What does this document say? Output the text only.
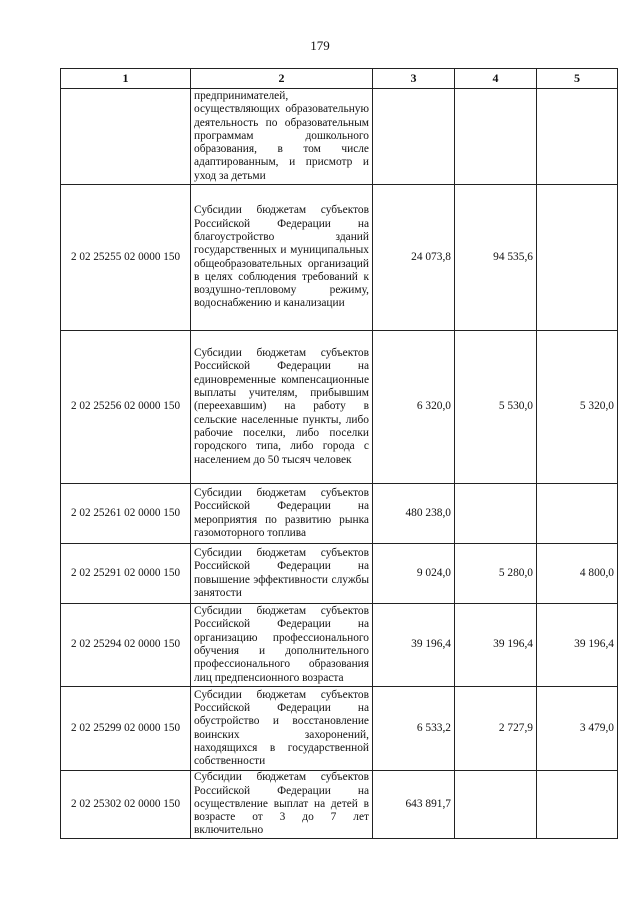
179
1	2	3	4	5
	предпринимателей, осуществляющих образовательную деятельность по образовательным программам дошкольного образования, в том числе адаптированным, и присмотр и уход за детьми			
2 02 25255 02 0000 150	Субсидии бюджетам субъектов Российской Федерации на благоустройство зданий государственных и муниципальных общеобразовательных организаций в целях соблюдения требований к воздушно-тепловому режиму, водоснабжению и канализации	24 073,8	94 535,6	
2 02 25256 02 0000 150	Субсидии бюджетам субъектов Российской Федерации на единовременные компенсационные выплаты учителям, прибывшим (переехавшим) на работу в сельские населенные пункты, либо рабочие поселки, либо поселки городского типа, либо города с населением до 50 тысяч человек	6 320,0	5 530,0	5 320,0
2 02 25261 02 0000 150	Субсидии бюджетам субъектов Российской Федерации на мероприятия по развитию рынка газомоторного топлива	480 238,0		
2 02 25291 02 0000 150	Субсидии бюджетам субъектов Российской Федерации на повышение эффективности службы занятости	9 024,0	5 280,0	4 800,0
2 02 25294 02 0000 150	Субсидии бюджетам субъектов Российской Федерации на организацию профессионального обучения и дополнительного профессионального образования лиц предпенсионного возраста	39 196,4	39 196,4	39 196,4
2 02 25299 02 0000 150	Субсидии бюджетам субъектов Российской Федерации на обустройство и восстановление воинских захоронений, находящихся в государственной собственности	6 533,2	2 727,9	3 479,0
2 02 25302 02 0000 150	Субсидии бюджетам субъектов Российской Федерации на осуществление выплат на детей в возрасте от 3 до 7 лет включительно	643 891,7		
